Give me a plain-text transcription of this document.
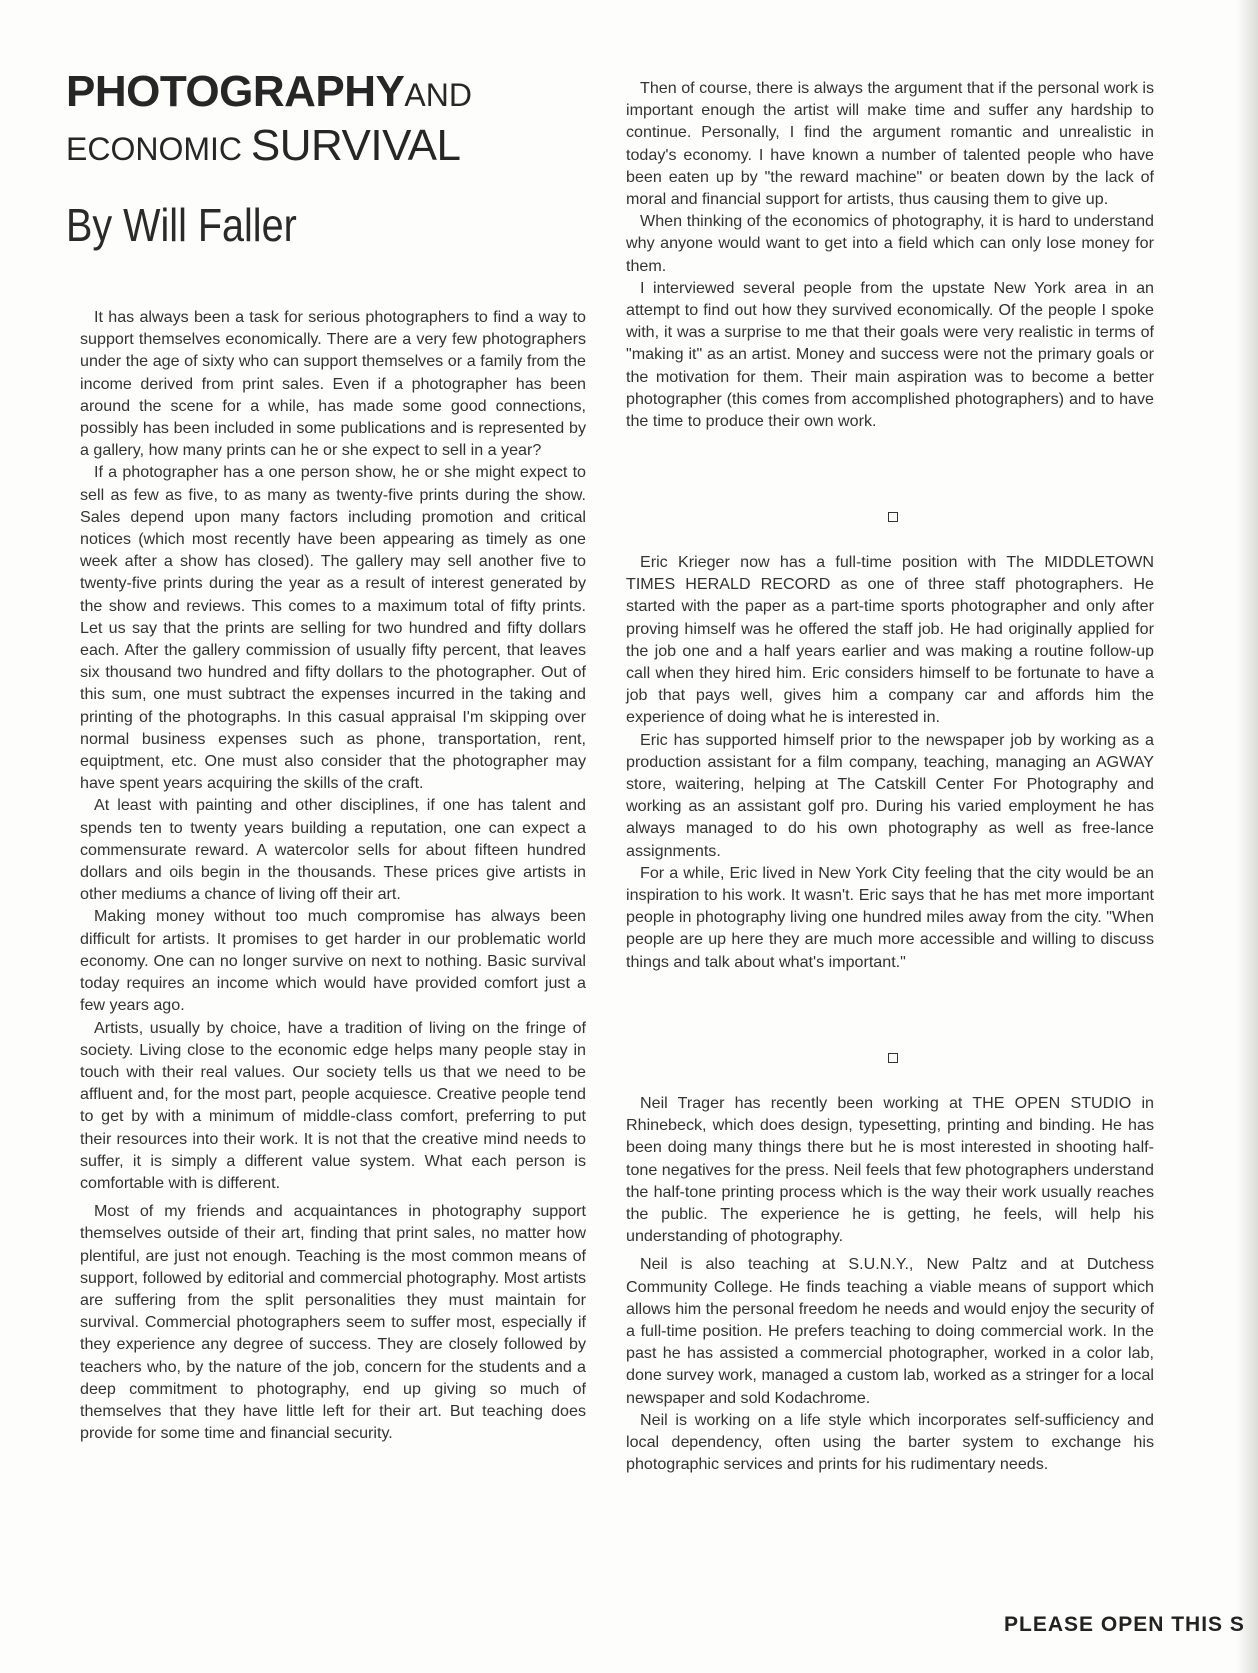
PHOTOGRAPHYAND
ECONOMIC SURVIVAL
By Will Faller

It has always been a task for serious photographers to find a way to support themselves economically. There are a very few photographers under the age of sixty who can support themselves or a family from the income derived from print sales. Even if a photographer has been around the scene for a while, has made some good connections, possibly has been included in some publications and is represented by a gallery, how many prints can he or she expect to sell in a year?

If a photographer has a one person show, he or she might expect to sell as few as five, to as many as twenty-five prints during the show. Sales depend upon many factors including promotion and critical notices (which most recently have been appearing as timely as one week after a show has closed). The gallery may sell another five to twenty-five prints during the year as a result of interest generated by the show and reviews. This comes to a maximum total of fifty prints. Let us say that the prints are selling for two hundred and fifty dollars each. After the gallery commission of usually fifty percent, that leaves six thousand two hundred and fifty dollars to the photographer. Out of this sum, one must subtract the expenses incurred in the taking and printing of the photographs. In this casual appraisal I'm skipping over normal business expenses such as phone, transportation, rent, equiptment, etc. One must also consider that the photographer may have spent years acquiring the skills of the craft.

At least with painting and other disciplines, if one has talent and spends ten to twenty years building a reputation, one can expect a commensurate reward. A watercolor sells for about fifteen hundred dollars and oils begin in the thousands. These prices give artists in other mediums a chance of living off their art.

Making money without too much compromise has always been difficult for artists. It promises to get harder in our problematic world economy. One can no longer survive on next to nothing. Basic survival today requires an income which would have provided comfort just a few years ago.

Artists, usually by choice, have a tradition of living on the fringe of society. Living close to the economic edge helps many people stay in touch with their real values. Our society tells us that we need to be affluent and, for the most part, people acquiesce. Creative people tend to get by with a minimum of middle-class comfort, preferring to put their resources into their work. It is not that the creative mind needs to suffer, it is simply a different value system. What each person is comfortable with is different.

Most of my friends and acquaintances in photography support themselves outside of their art, finding that print sales, no matter how plentiful, are just not enough. Teaching is the most common means of support, followed by editorial and commercial photography. Most artists are suffering from the split personalities they must maintain for survival. Commercial photographers seem to suffer most, especially if they experience any degree of success. They are closely followed by teachers who, by the nature of the job, concern for the students and a deep commitment to photography, end up giving so much of themselves that they have little left for their art. But teaching does provide for some time and financial security.

Then of course, there is always the argument that if the personal work is important enough the artist will make time and suffer any hardship to continue. Personally, I find the argument romantic and unrealistic in today's economy. I have known a number of talented people who have been eaten up by "the reward machine" or beaten down by the lack of moral and financial support for artists, thus causing them to give up.

When thinking of the economics of photography, it is hard to understand why anyone would want to get into a field which can only lose money for them.

I interviewed several people from the upstate New York area in an attempt to find out how they survived economically. Of the people I spoke with, it was a surprise to me that their goals were very realistic in terms of "making it" as an artist. Money and success were not the primary goals or the motivation for them. Their main aspiration was to become a better photographer (this comes from accomplished photographers) and to have the time to produce their own work.

Eric Krieger now has a full-time position with The MIDDLETOWN TIMES HERALD RECORD as one of three staff photographers. He started with the paper as a part-time sports photographer and only after proving himself was he offered the staff job. He had originally applied for the job one and a half years earlier and was making a routine follow-up call when they hired him. Eric considers himself to be fortunate to have a job that pays well, gives him a company car and affords him the experience of doing what he is interested in.

Eric has supported himself prior to the newspaper job by working as a production assistant for a film company, teaching, managing an AGWAY store, waitering, helping at The Catskill Center For Photography and working as an assistant golf pro. During his varied employment he has always managed to do his own photography as well as free-lance assignments.

For a while, Eric lived in New York City feeling that the city would be an inspiration to his work. It wasn't. Eric says that he has met more important people in photography living one hundred miles away from the city. "When people are up here they are much more accessible and willing to discuss things and talk about what's important."

Neil Trager has recently been working at THE OPEN STUDIO in Rhinebeck, which does design, typesetting, printing and binding. He has been doing many things there but he is most interested in shooting half-tone negatives for the press. Neil feels that few photographers understand the half-tone printing process which is the way their work usually reaches the public. The experience he is getting, he feels, will help his understanding of photography.

Neil is also teaching at S.U.N.Y., New Paltz and at Dutchess Community College. He finds teaching a viable means of support which allows him the personal freedom he needs and would enjoy the security of a full-time position. He prefers teaching to doing commercial work. In the past he has assisted a commercial photographer, worked in a color lab, done survey work, managed a custom lab, worked as a stringer for a local newspaper and sold Kodachrome.

Neil is working on a life style which incorporates self-sufficiency and local dependency, often using the barter system to exchange his photographic services and prints for his rudimentary needs.

PLEASE OPEN THIS S
